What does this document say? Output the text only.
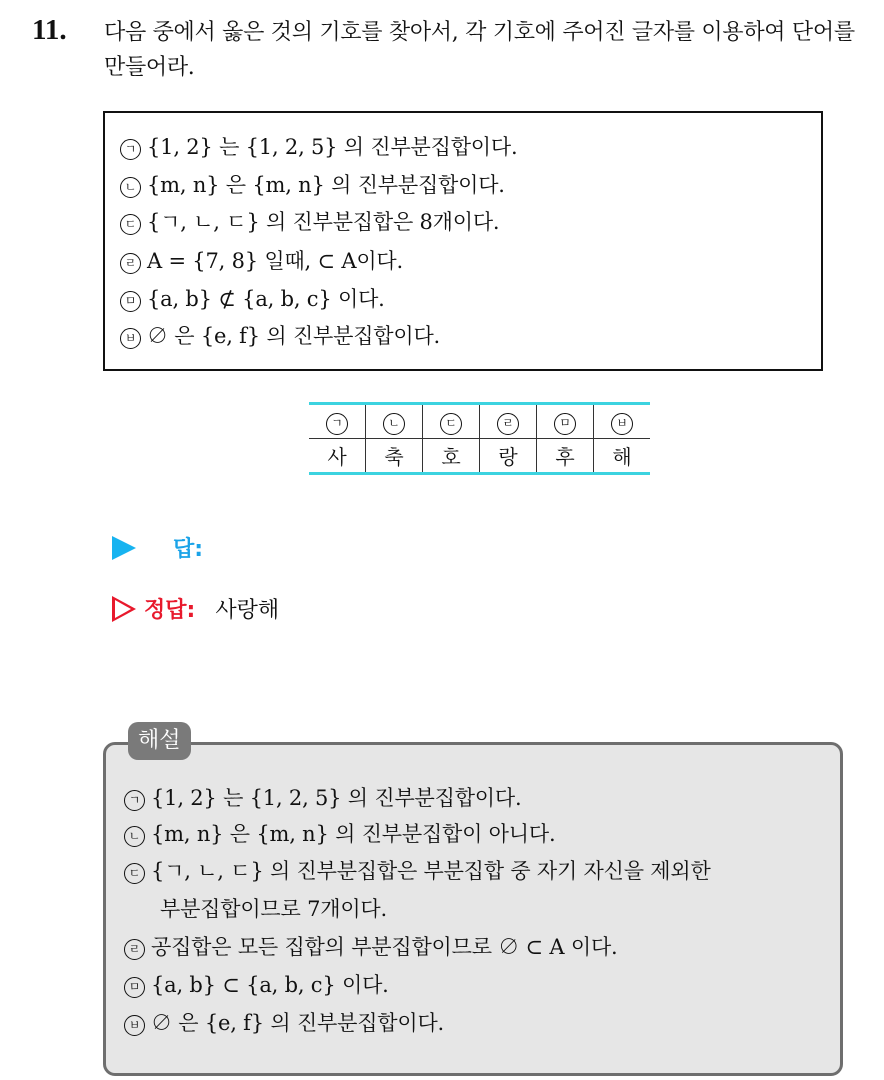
11. 다음 중에서 옳은 것의 기호를 찾아서, 각 기호에 주어진 글자를 이용하여 단어를 만들어라.
ㄱ {1, 2} 는 {1, 2, 5} 의 진부분집합이다.
ㄴ {m, n} 은 {m, n} 의 진부분집합이다.
ㄷ {ㄱ, ㄴ, ㄷ} 의 진부분집합은 8개이다.
ㄹ A = {7, 8} 일때, ⊂ A이다.
ㅁ {a, b} ⊄ {a, b, c} 이다.
ㅂ ∅ 은 {e, f} 의 진부분집합이다.
ㄱ	ㄴ	ㄷ	ㄹ	ㅁ	ㅂ
사	축	호	랑	후	해
답:
정답: 사랑해
해설
ㄱ {1, 2} 는 {1, 2, 5} 의 진부분집합이다.
ㄴ {m, n} 은 {m, n} 의 진부분집합이 아니다.
ㄷ {ㄱ, ㄴ, ㄷ} 의 진부분집합은 부분집합 중 자기 자신을 제외한
부분집합이므로 7개이다.
ㄹ 공집합은 모든 집합의 부분집합이므로 ∅ ⊂ A 이다.
ㅁ {a, b} ⊂ {a, b, c} 이다.
ㅂ ∅ 은 {e, f} 의 진부분집합이다.
